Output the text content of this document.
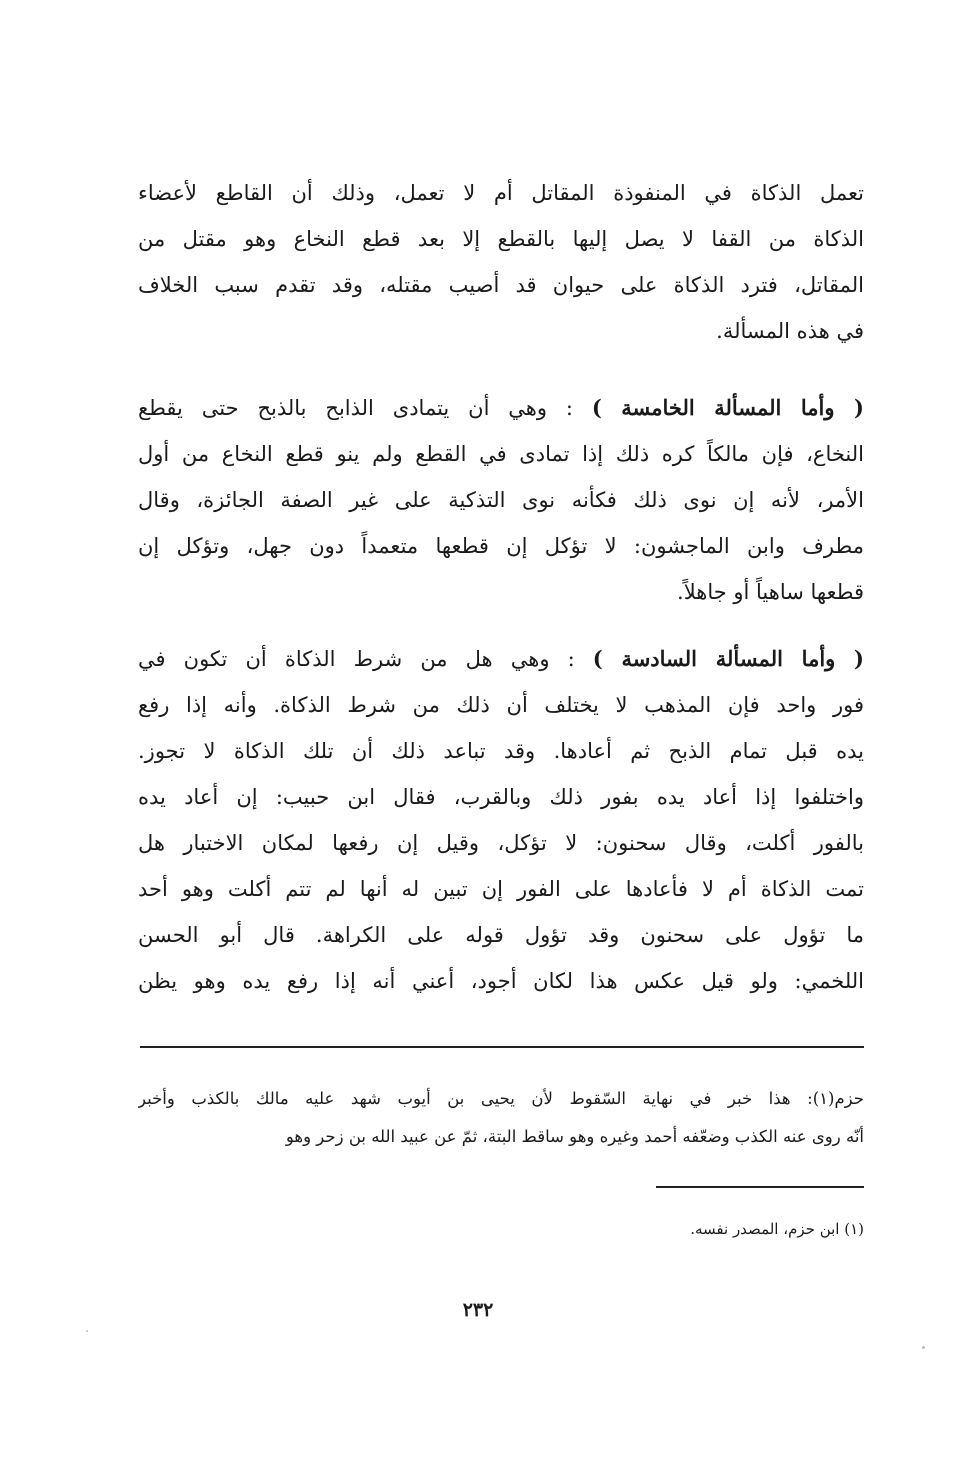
تعمل الذكاة في المنفوذة المقاتل أم لا تعمل، وذلك أن القاطع لأعضاء
الذكاة من القفا لا يصل إليها بالقطع إلا بعد قطع النخاع وهو مقتل من
المقاتل، فترد الذكاة على حيوان قد أصيب مقتله، وقد تقدم سبب الخلاف
في هذه المسألة.
( وأما المسألة الخامسة ) : وهي أن يتمادى الذابح بالذبح حتى يقطع
النخاع، فإن مالكاً كره ذلك إذا تمادى في القطع ولم ينو قطع النخاع من أول
الأمر، لأنه إن نوى ذلك فكأنه نوى التذكية على غير الصفة الجائزة، وقال
مطرف وابن الماجشون: لا تؤكل إن قطعها متعمداً دون جهل، وتؤكل إن
قطعها ساهياً أو جاهلاً.
( وأما المسألة السادسة ) : وهي هل من شرط الذكاة أن تكون في
فور واحد فإن المذهب لا يختلف أن ذلك من شرط الذكاة. وأنه إذا رفع
يده قبل تمام الذبح ثم أعادها. وقد تباعد ذلك أن تلك الذكاة لا تجوز.
واختلفوا إذا أعاد يده بفور ذلك وبالقرب، فقال ابن حبيب: إن أعاد يده
بالفور أكلت، وقال سحنون: لا تؤكل، وقيل إن رفعها لمكان الاختبار هل
تمت الذكاة أم لا فأعادها على الفور إن تبين له أنها لم تتم أكلت وهو أحد
ما تؤول على سحنون وقد تؤول قوله على الكراهة. قال أبو الحسن
اللخمي: ولو قيل عكس هذا لكان أجود، أعني أنه إذا رفع يده وهو يظن
حزم(١): هذا خبر في نهاية السّقوط لأن يحيى بن أيوب شهد عليه مالك بالكذب وأخبر
أنّه روى عنه الكذب وضعّفه أحمد وغيره وهو ساقط البتة، ثمّ عن عبيد الله بن زحر وهو
(١) ابن حزم، المصدر نفسه.
٢٣٢
